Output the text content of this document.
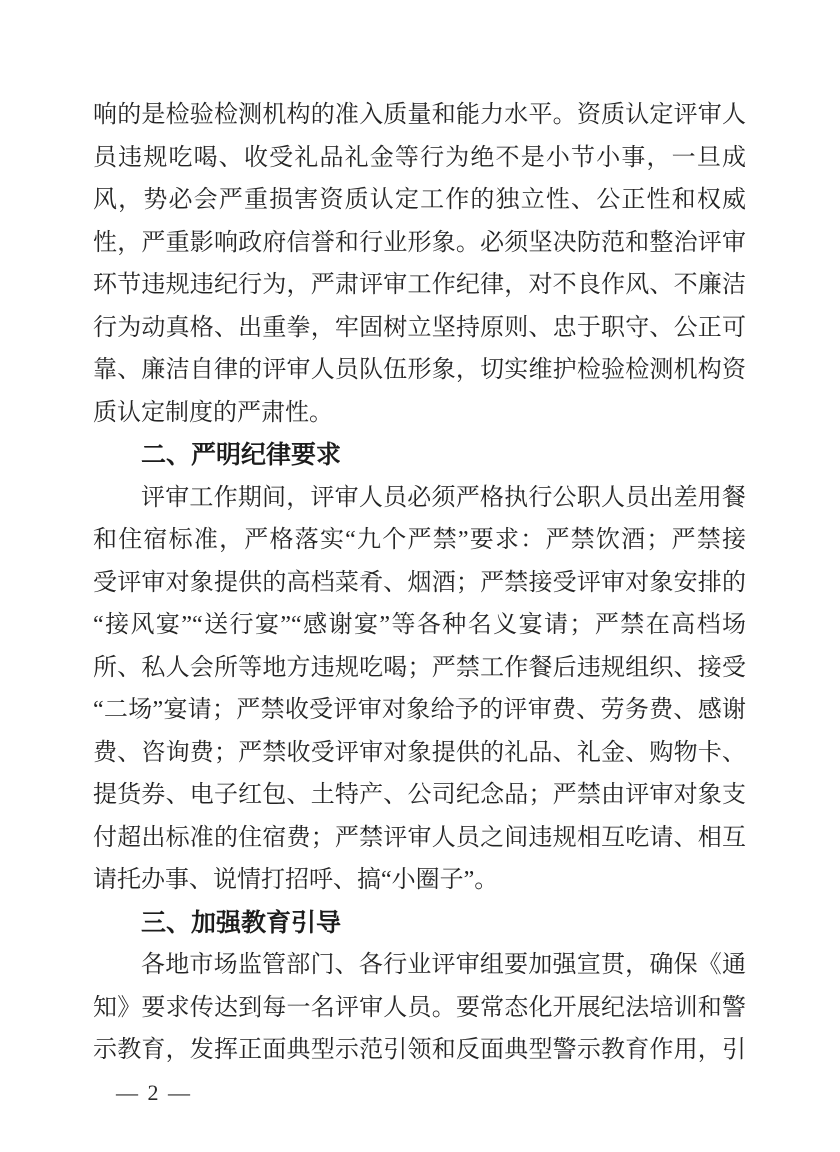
响的是检验检测机构的准入质量和能力水平。资质认定评审人
员违规吃喝、收受礼品礼金等行为绝不是小节小事，一旦成
风，势必会严重损害资质认定工作的独立性、公正性和权威
性，严重影响政府信誉和行业形象。必须坚决防范和整治评审
环节违规违纪行为，严肃评审工作纪律，对不良作风、不廉洁
行为动真格、出重拳，牢固树立坚持原则、忠于职守、公正可
靠、廉洁自律的评审人员队伍形象，切实维护检验检测机构资
质认定制度的严肃性。
二、严明纪律要求
评审工作期间，评审人员必须严格执行公职人员出差用餐
和住宿标准，严格落实“九个严禁”要求：严禁饮酒；严禁接
受评审对象提供的高档菜肴、烟酒；严禁接受评审对象安排的
“接风宴”“送行宴”“感谢宴”等各种名义宴请；严禁在高档场
所、私人会所等地方违规吃喝；严禁工作餐后违规组织、接受
“二场”宴请；严禁收受评审对象给予的评审费、劳务费、感谢
费、咨询费；严禁收受评审对象提供的礼品、礼金、购物卡、
提货券、电子红包、土特产、公司纪念品；严禁由评审对象支
付超出标准的住宿费；严禁评审人员之间违规相互吃请、相互
请托办事、说情打招呼、搞“小圈子”。
三、加强教育引导
各地市场监管部门、各行业评审组要加强宣贯，确保《通
知》要求传达到每一名评审人员。要常态化开展纪法培训和警
示教育，发挥正面典型示范引领和反面典型警示教育作用，引
— 2 —
